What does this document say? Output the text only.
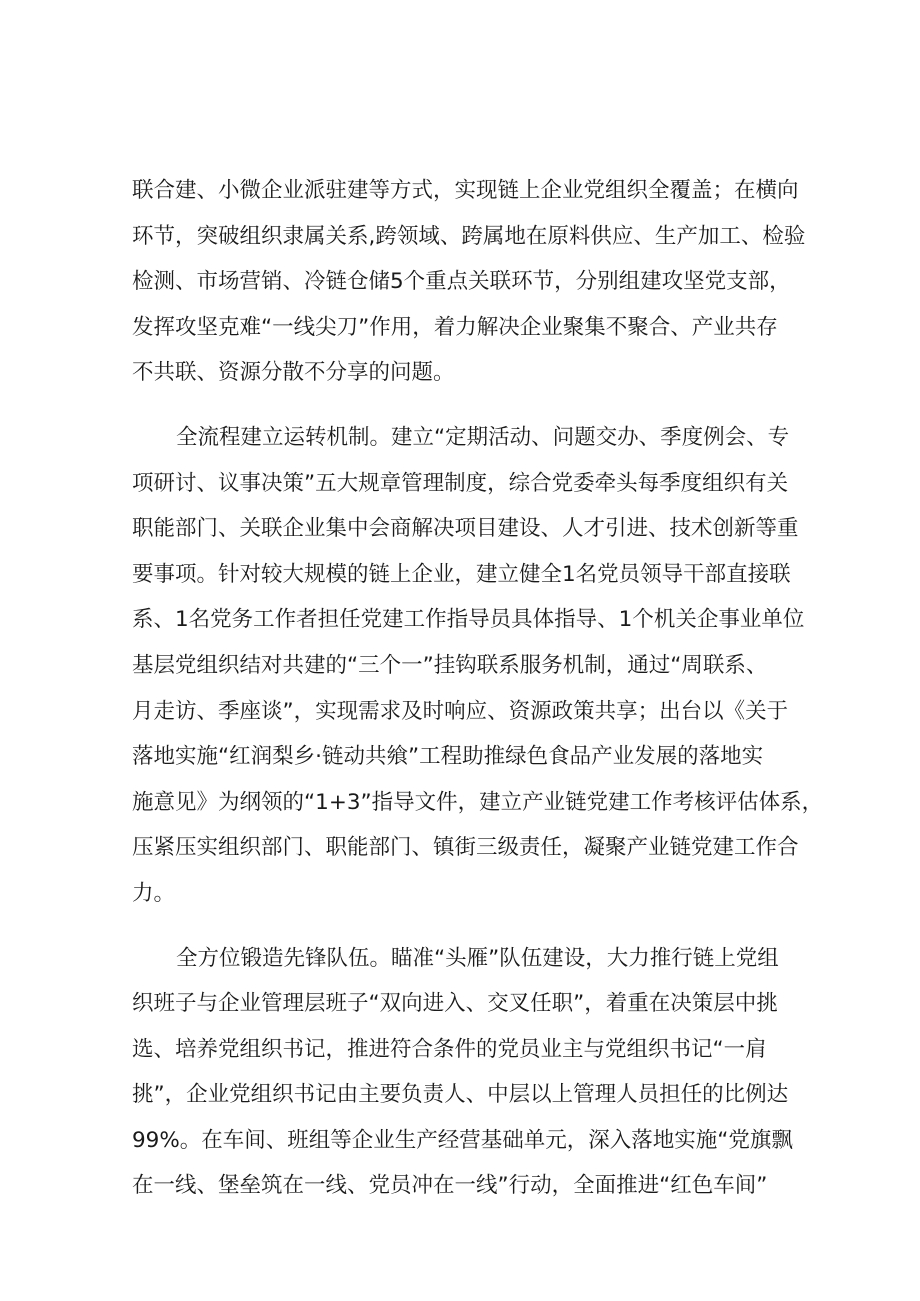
联合建、小微企业派驻建等方式，实现链上企业党组织全覆盖；在横向
环节，突破组织隶属关系,跨领域、跨属地在原料供应、生产加工、检验
检测、市场营销、冷链仓储5个重点关联环节，分别组建攻坚党支部，
发挥攻坚克难“一线尖刀”作用，着力解决企业聚集不聚合、产业共存
不共联、资源分散不分享的问题。
全流程建立运转机制。建立“定期活动、问题交办、季度例会、专
项研讨、议事决策”五大规章管理制度，综合党委牵头每季度组织有关
职能部门、关联企业集中会商解决项目建设、人才引进、技术创新等重
要事项。针对较大规模的链上企业，建立健全1名党员领导干部直接联
系、1名党务工作者担任党建工作指导员具体指导、1个机关企事业单位
基层党组织结对共建的“三个一”挂钩联系服务机制，通过“周联系、
月走访、季座谈”，实现需求及时响应、资源政策共享；出台以《关于
落地实施“红润梨乡·链动共飨”工程助推绿色食品产业发展的落地实
施意见》为纲领的“1+3”指导文件，建立产业链党建工作考核评估体系，
压紧压实组织部门、职能部门、镇街三级责任，凝聚产业链党建工作合
力。
全方位锻造先锋队伍。瞄准“头雁”队伍建设，大力推行链上党组
织班子与企业管理层班子“双向进入、交叉任职”，着重在决策层中挑
选、培养党组织书记，推进符合条件的党员业主与党组织书记“一肩
挑”，企业党组织书记由主要负责人、中层以上管理人员担任的比例达
99%。在车间、班组等企业生产经营基础单元，深入落地实施“党旗飘
在一线、堡垒筑在一线、党员冲在一线”行动，全面推进“红色车间”
